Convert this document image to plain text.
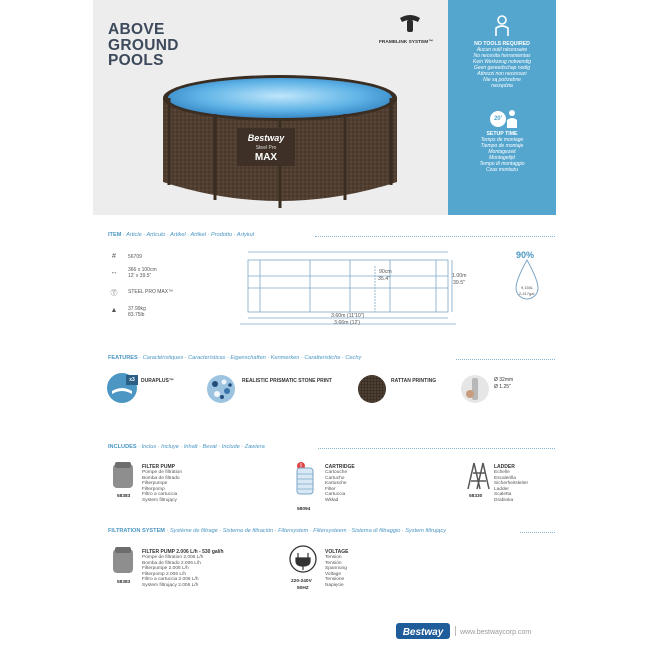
ABOVE
GROUND
POOLS
FRAMELINK SYSTEM™
Bestway
Steel Pro
MAX
NO TOOLS REQUIRED
Aucun outil nécessaire
No necesita herramientas
Kein Werkzeug notwendig
Geen gereedschap nodig
Attrezzi non necessari
Nie są potrzebne
narzędzia
20'
SETUP TIME
Temps de montage
Tiempo de montaje
Montagezeit
Montagetijd
Tempo di montaggio
Czas montażu
ITEM · Article · Artículo · Artikel · Artikel · Prodotto · Artykuł
#	56709
↔	366 x 100cm
12' x 39.5"
Ⓣ	STEEL PRO MAX™
▲	37.99kg
83.75lb
90cm
35.4"	1.00m
39.5"
3.60m (11'10")
3.66m (12')
90%
9,150L
2,417gal
FEATURES · Caractéristiques · Características · Eigenschaften · Kenmerken · Caratteristiche · Cechy
x3	DURAPLUS™	REALISTIC PRISMATIC STONE PRINT	RATTAN PRINTING	Ø 32mm
Ø 1.25"
INCLUDES · Inclus · Incluye · Inhalt · Bevat · Include · Zawiera
58383
FILTER PUMP
Pompe de filtration
Bomba de filtrado
Filterpumpe
Filterpomp
Filtro a cartuccia
System filtrujący
I
58094
CARTRIDGE
Cartouche
Cartucho
Kartusche
Filter
Cartuccia
Wkład
58330
LADDER
Echelle
Escalerilla
Sicherheitsleiter
Ladder
Scaletta
Drabinka
FILTRATION SYSTEM · Système de filtrage · Sistema de filtración · Filtersystem · Filtersysteem · Sistema di filtraggio · System filtrujący
58383
FILTER PUMP 2.006 L/h - 530 gal/h
Pompe de filtration 2.006 L/h
Bomba de filtrado 2.006 L/h
Filterpumpe 2.006 L/h
Filterpomp 2.006 L/h
Filtro a cartuccia 2.006 L/h
System filtrujący 2.006 L/h
220-240V
50HZ
VOLTAGE
Tension
Tensión
Spannung
Voltage
Tensione
Napięcie
Bestway www.bestwaycorp.com
